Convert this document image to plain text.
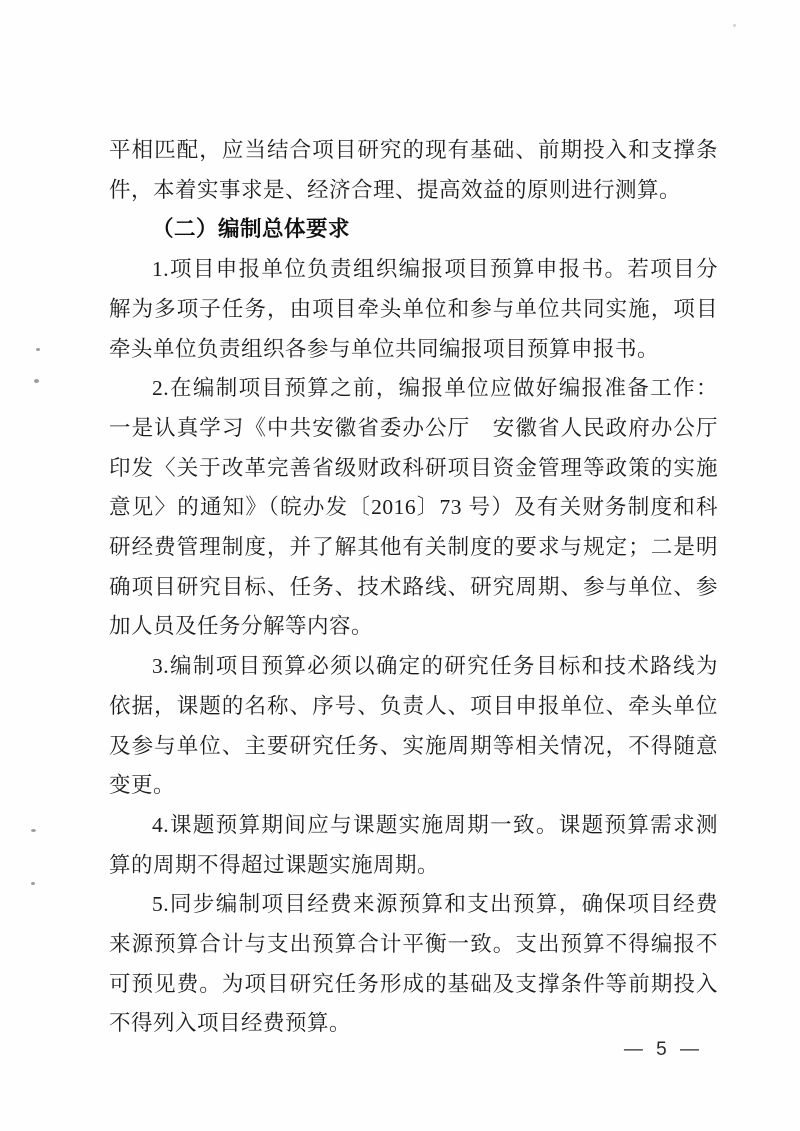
平相匹配，应当结合项目研究的现有基础、前期投入和支撑条件，本着实事求是、经济合理、提高效益的原则进行测算。

（二）编制总体要求

1.项目申报单位负责组织编报项目预算申报书。若项目分解为多项子任务，由项目牵头单位和参与单位共同实施，项目牵头单位负责组织各参与单位共同编报项目预算申报书。

2.在编制项目预算之前，编报单位应做好编报准备工作：一是认真学习《中共安徽省委办公厅　安徽省人民政府办公厅印发〈关于改革完善省级财政科研项目资金管理等政策的实施意见〉的通知》（皖办发〔2016〕73 号）及有关财务制度和科研经费管理制度，并了解其他有关制度的要求与规定；二是明确项目研究目标、任务、技术路线、研究周期、参与单位、参加人员及任务分解等内容。

3.编制项目预算必须以确定的研究任务目标和技术路线为依据，课题的名称、序号、负责人、项目申报单位、牵头单位及参与单位、主要研究任务、实施周期等相关情况，不得随意变更。

4.课题预算期间应与课题实施周期一致。课题预算需求测算的周期不得超过课题实施周期。

5.同步编制项目经费来源预算和支出预算，确保项目经费来源预算合计与支出预算合计平衡一致。支出预算不得编报不可预见费。为项目研究任务形成的基础及支撑条件等前期投入不得列入项目经费预算。

— 5 —
